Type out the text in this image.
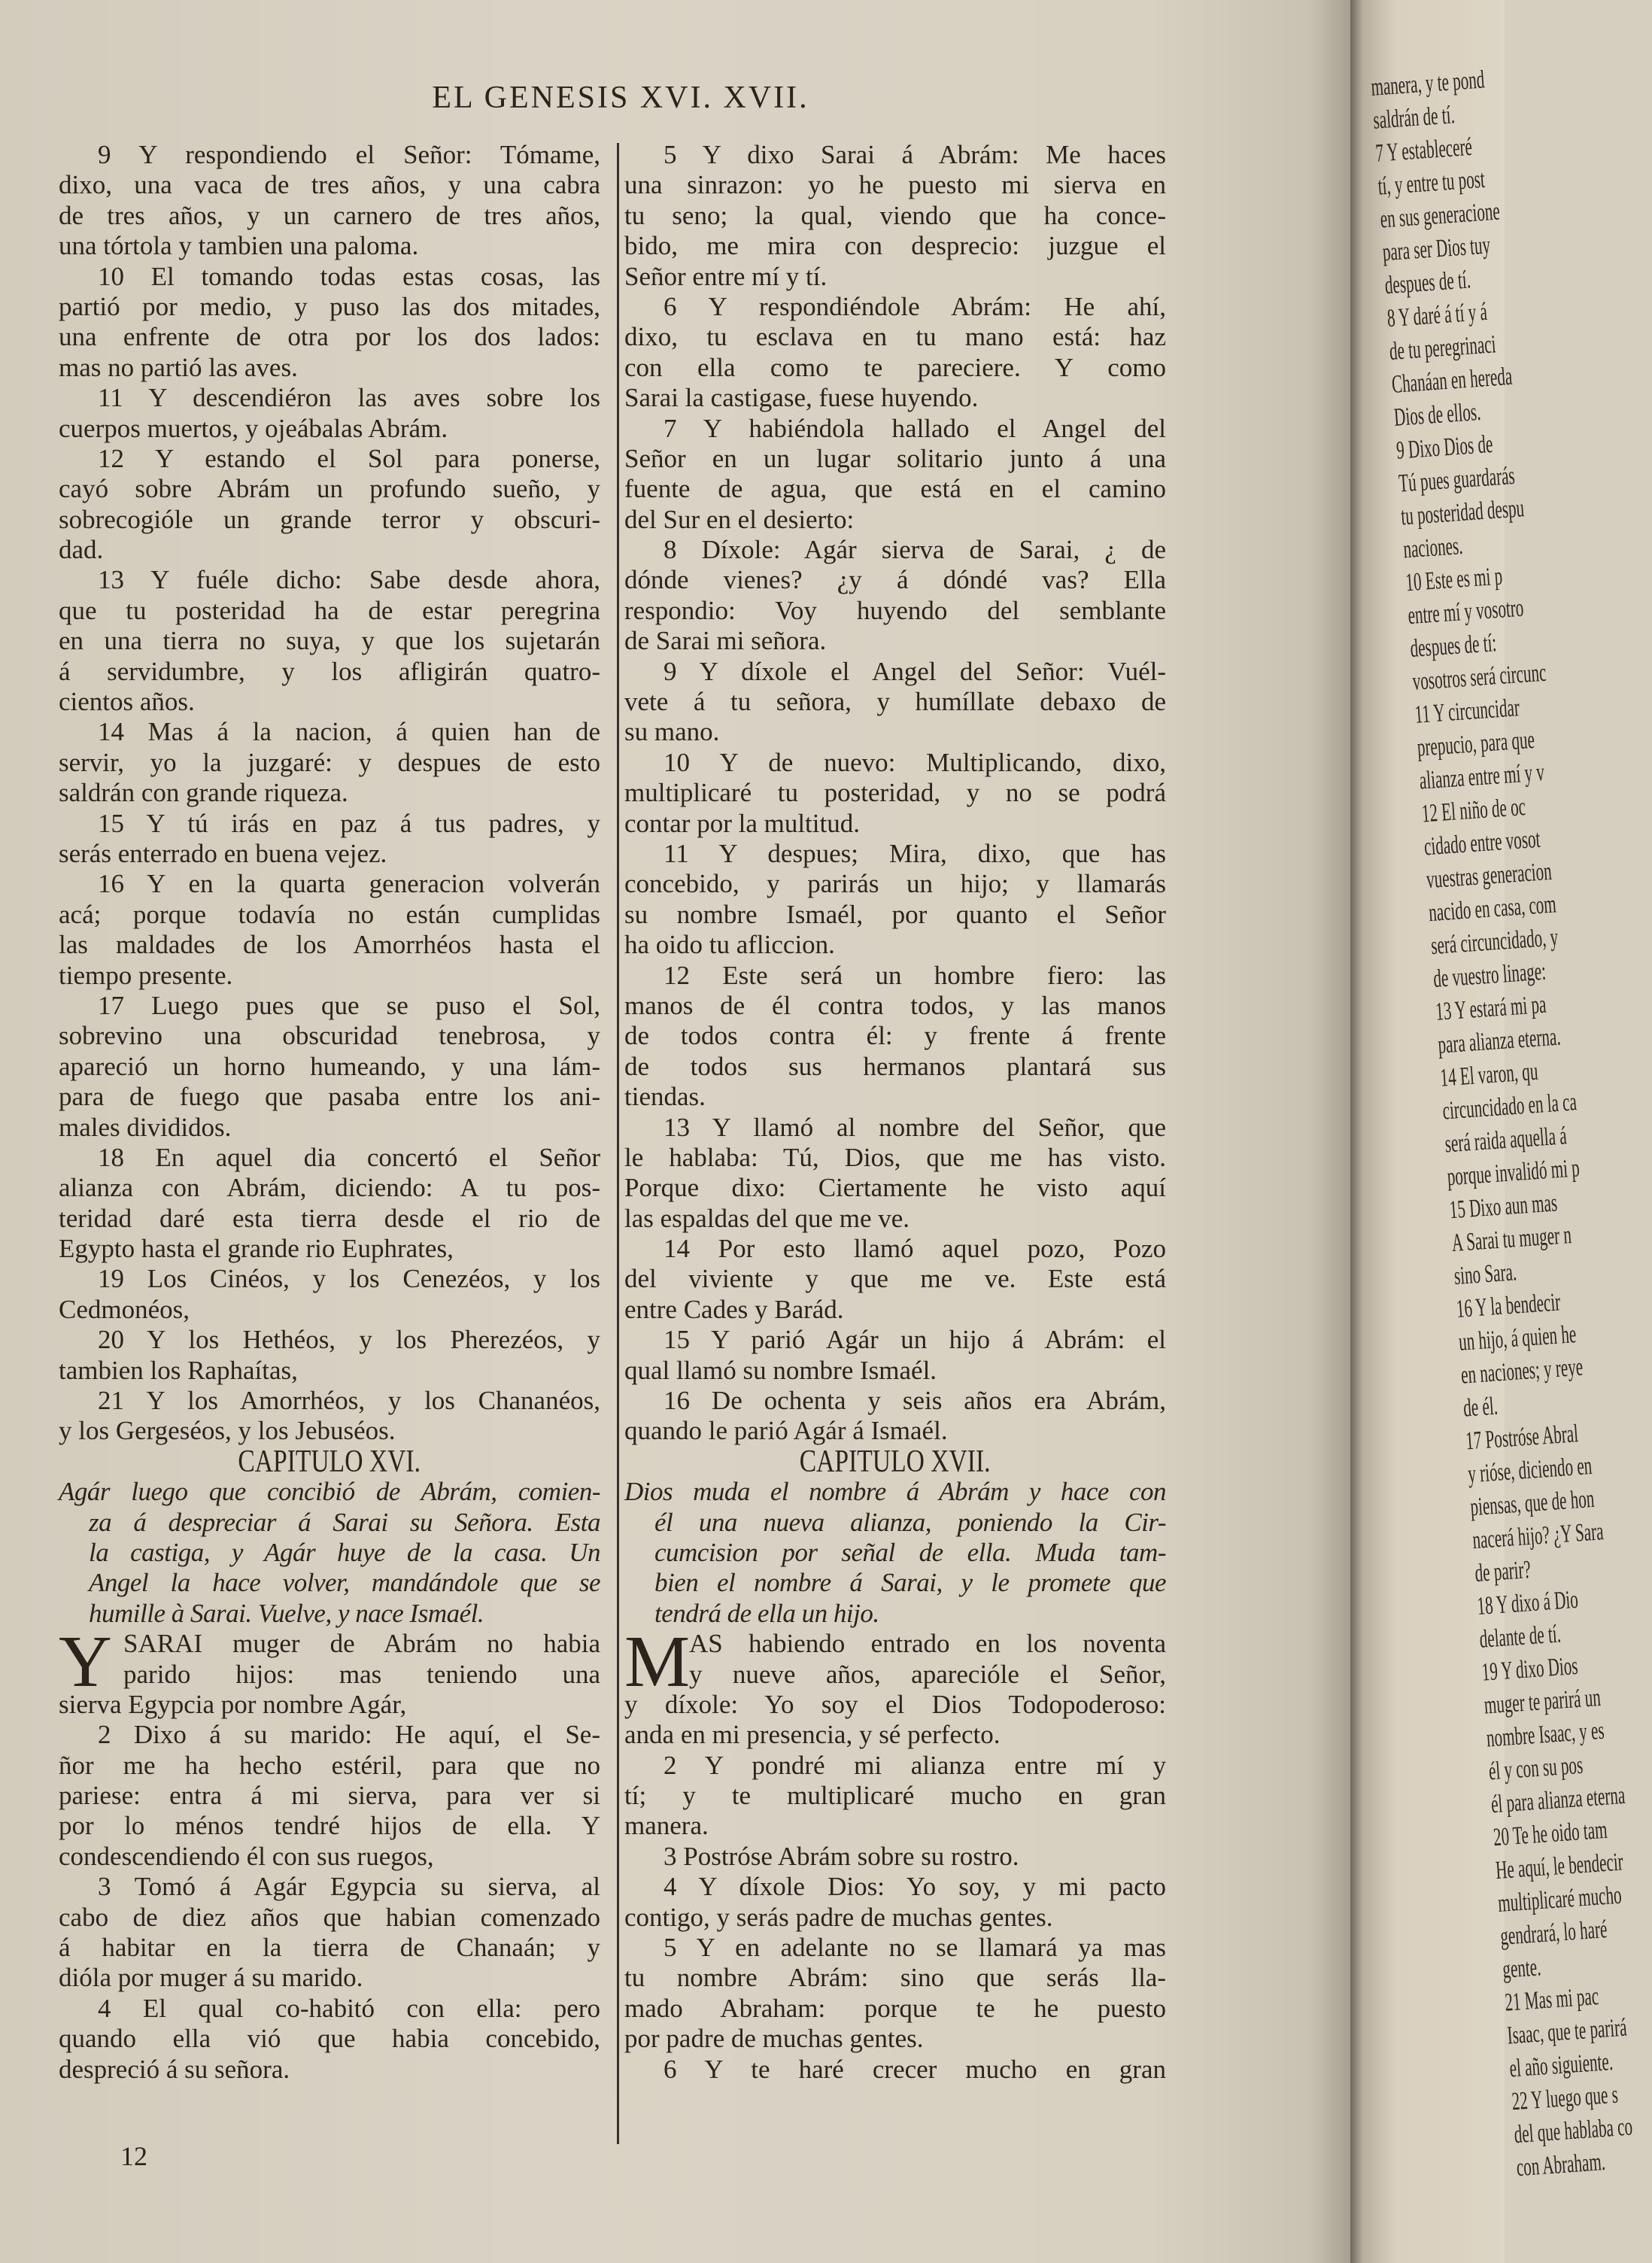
EL GENESIS XVI. XVII.
9 Y respondiendo el Señor: Tómame,
dixo, una vaca de tres años, y una cabra
de tres años, y un carnero de tres años,
una tórtola y tambien una paloma.
10 El tomando todas estas cosas, las
partió por medio, y puso las dos mitades,
una enfrente de otra por los dos lados:
mas no partió las aves.
11 Y descendiéron las aves sobre los
cuerpos muertos, y ojeábalas Abrám.
12 Y estando el Sol para ponerse,
cayó sobre Abrám un profundo sueño, y
sobrecogióle un grande terror y obscuri-
dad.
13 Y fuéle dicho: Sabe desde ahora,
que tu posteridad ha de estar peregrina
en una tierra no suya, y que los sujetarán
á servidumbre, y los afligirán quatro-
cientos años.
14 Mas á la nacion, á quien han de
servir, yo la juzgaré: y despues de esto
saldrán con grande riqueza.
15 Y tú irás en paz á tus padres, y
serás enterrado en buena vejez.
16 Y en la quarta generacion volverán
acá; porque todavía no están cumplidas
las maldades de los Amorrhéos hasta el
tiempo presente.
17 Luego pues que se puso el Sol,
sobrevino una obscuridad tenebrosa, y
apareció un horno humeando, y una lám-
para de fuego que pasaba entre los ani-
males divididos.
18 En aquel dia concertó el Señor
alianza con Abrám, diciendo: A tu pos-
teridad daré esta tierra desde el rio de
Egypto hasta el grande rio Euphrates,
19 Los Cinéos, y los Cenezéos, y los
Cedmonéos,
20 Y los Hethéos, y los Pherezéos, y
tambien los Raphaítas,
21 Y los Amorrhéos, y los Chananéos,
y los Gergeséos, y los Jebuséos.
CAPITULO XVI.
Agár luego que concibió de Abrám, comien-
za á despreciar á Sarai su Señora. Esta
la castiga, y Agár huye de la casa. Un
Angel la hace volver, mandándole que se
humille à Sarai. Vuelve, y nace Ismaél.
Y SARAI muger de Abrám no habia
parido hijos: mas teniendo una
sierva Egypcia por nombre Agár,
2 Dixo á su marido: He aquí, el Se-
ñor me ha hecho estéril, para que no
pariese: entra á mi sierva, para ver si
por lo ménos tendré hijos de ella. Y
condescendiendo él con sus ruegos,
3 Tomó á Agár Egypcia su sierva, al
cabo de diez años que habian comenzado
á habitar en la tierra de Chanaán; y
dióla por muger á su marido.
4 El qual co-habitó con ella: pero
quando ella vió que habia concebido,
despreció á su señora.
5 Y dixo Sarai á Abrám: Me haces
una sinrazon: yo he puesto mi sierva en
tu seno; la qual, viendo que ha conce-
bido, me mira con desprecio: juzgue el
Señor entre mí y tí.
6 Y respondiéndole Abrám: He ahí,
dixo, tu esclava en tu mano está: haz
con ella como te pareciere. Y como
Sarai la castigase, fuese huyendo.
7 Y habiéndola hallado el Angel del
Señor en un lugar solitario junto á una
fuente de agua, que está en el camino
del Sur en el desierto:
8 Díxole: Agár sierva de Sarai, ¿ de
dónde vienes? ¿y á dóndé vas? Ella
respondio: Voy huyendo del semblante
de Sarai mi señora.
9 Y díxole el Angel del Señor: Vuél-
vete á tu señora, y humíllate debaxo de
su mano.
10 Y de nuevo: Multiplicando, dixo,
multiplicaré tu posteridad, y no se podrá
contar por la multitud.
11 Y despues; Mira, dixo, que has
concebido, y parirás un hijo; y llamarás
su nombre Ismaél, por quanto el Señor
ha oido tu afliccion.
12 Este será un hombre fiero: las
manos de él contra todos, y las manos
de todos contra él: y frente á frente
de todos sus hermanos plantará sus
tiendas.
13 Y llamó al nombre del Señor, que
le hablaba: Tú, Dios, que me has visto.
Porque dixo: Ciertamente he visto aquí
las espaldas del que me ve.
14 Por esto llamó aquel pozo, Pozo
del viviente y que me ve. Este está
entre Cades y Barád.
15 Y parió Agár un hijo á Abrám: el
qual llamó su nombre Ismaél.
16 De ochenta y seis años era Abrám,
quando le parió Agár á Ismaél.
CAPITULO XVII.
Dios muda el nombre á Abrám y hace con
él una nueva alianza, poniendo la Cir-
cumcision por señal de ella. Muda tam-
bien el nombre á Sarai, y le promete que
tendrá de ella un hijo.
M
AS habiendo entrado en los noventa
y nueve años, aparecióle el Señor,
y díxole: Yo soy el Dios Todopoderoso:
anda en mi presencia, y sé perfecto.
2 Y pondré mi alianza entre mí y
tí; y te multiplicaré mucho en gran
manera.
3 Postróse Abrám sobre su rostro.
4 Y díxole Dios: Yo soy, y mi pacto
contigo, y serás padre de muchas gentes.
5 Y en adelante no se llamará ya mas
tu nombre Abrám: sino que serás lla-
mado Abraham: porque te he puesto
por padre de muchas gentes.
6 Y te haré crecer mucho en gran
12
manera, y te pond
saldrán de tí.
7 Y estableceré
tí, y entre tu post
en sus generacione
para ser Dios tuy
despues de tí.
8 Y daré á tí y á
de tu peregrinaci
Chanáan en hereda
Dios de ellos.
9 Dixo Dios de
Tú pues guardarás
tu posteridad despu
naciones.
10 Este es mi p
entre mí y vosotro
despues de tí:
vosotros será circunc
11 Y circuncidar
prepucio, para que
alianza entre mí y v
12 El niño de oc
cidado entre vosot
vuestras generacion
nacido en casa, com
será circuncidado, y
de vuestro linage:
13 Y estará mi pa
para alianza eterna.
14 El varon, qu
circuncidado en la ca
será raida aquella á
porque invalidó mi p
15 Dixo aun mas
A Sarai tu muger n
sino Sara.
16 Y la bendecir
un hijo, á quien he
en naciones; y reye
de él.
17 Postróse Abral
y rióse, diciendo en
piensas, que de hon
nacerá hijo? ¿Y Sara
de parir?
18 Y dixo á Dio
delante de tí.
19 Y dixo Dios
muger te parirá un
nombre Isaac, y es
él y con su pos
él para alianza eterna
20 Te he oido tam
He aquí, le bendecir
multiplicaré mucho
gendrará, lo haré
gente.
21 Mas mi pac
Isaac, que te parirá
el año siguiente.
22 Y luego que s
del que hablaba co
con Abraham.
